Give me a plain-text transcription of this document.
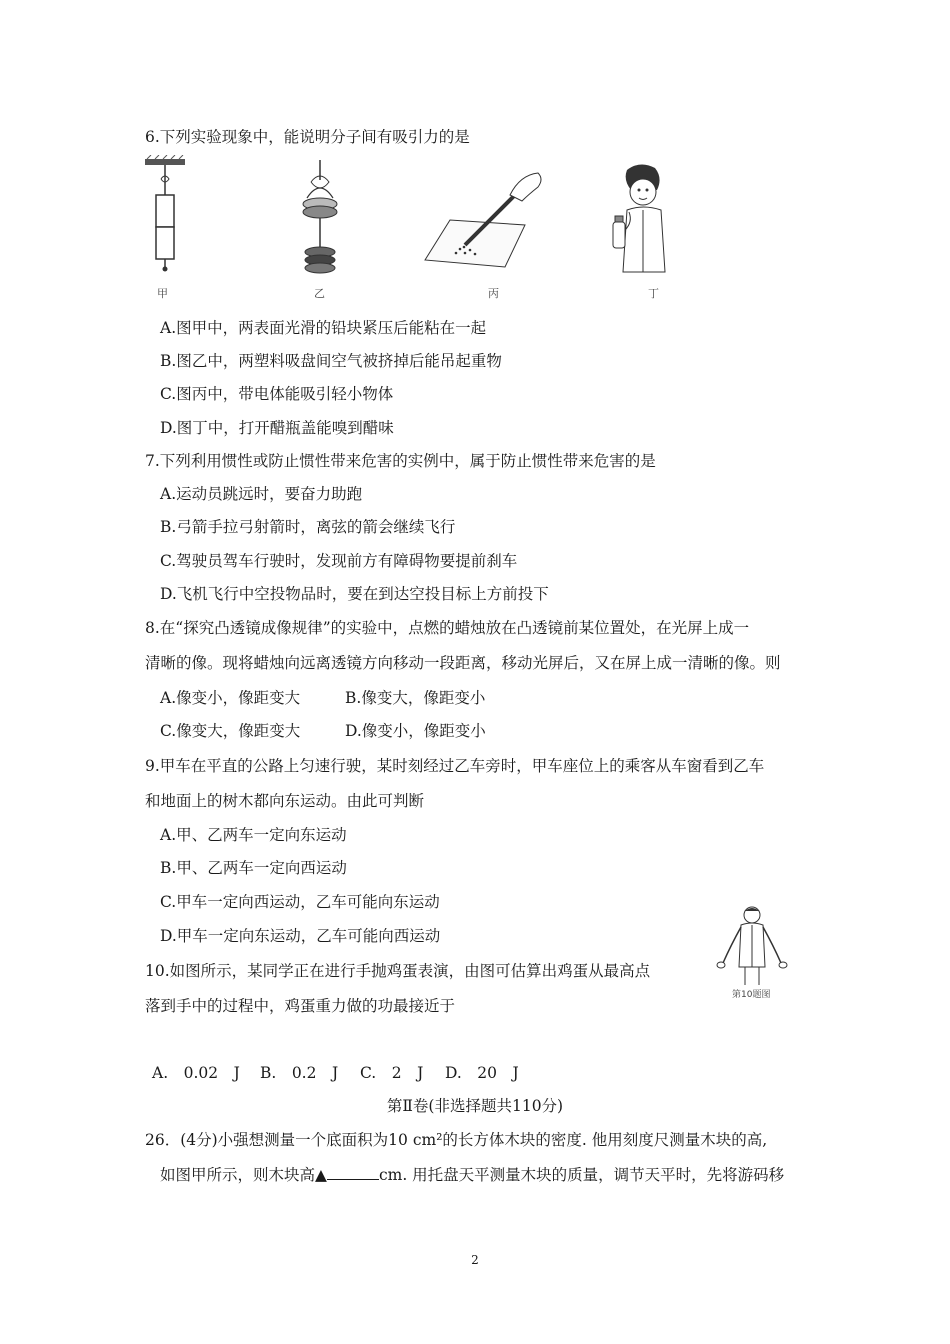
6.下列实验现象中，能说明分子间有吸引力的是
甲	乙	丙	丁
A.图甲中，两表面光滑的铅块紧压后能粘在一起
B.图乙中，两塑料吸盘间空气被挤掉后能吊起重物
C.图丙中，带电体能吸引轻小物体
D.图丁中，打开醋瓶盖能嗅到醋味
7.下列利用惯性或防止惯性带来危害的实例中，属于防止惯性带来危害的是
A.运动员跳远时，要奋力助跑
B.弓箭手拉弓射箭时，离弦的箭会继续飞行
C.驾驶员驾车行驶时，发现前方有障碍物要提前刹车
D.飞机飞行中空投物品时，要在到达空投目标上方前投下
8.在“探究凸透镜成像规律”的实验中，点燃的蜡烛放在凸透镜前某位置处，在光屏上成一
清晰的像。现将蜡烛向远离透镜方向移动一段距离，移动光屏后，又在屏上成一清晰的像。则
A.像变小，像距变大	B.像变大，像距变小
C.像变大，像距变大	D.像变小，像距变小
9.甲车在平直的公路上匀速行驶，某时刻经过乙车旁时，甲车座位上的乘客从车窗看到乙车
和地面上的树木都向东运动。由此可判断
A.甲、乙两车一定向东运动
B.甲、乙两车一定向西运动
C.甲车一定向西运动，乙车可能向东运动
D.甲车一定向东运动，乙车可能向西运动
第10题图
10.如图所示，某同学正在进行手抛鸡蛋表演，由图可估算出鸡蛋从最高点
落到手中的过程中，鸡蛋重力做的功最接近于
A.　0.02　J B.　0.2　J C.　2　J D.　20　J
第Ⅱ卷(非选择题共110分)
26．(4分)小强想测量一个底面积为10 cm²的长方体木块的密度. 他用刻度尺测量木块的高,
如图甲所示，则木块高▲	cm. 用托盘天平测量木块的质量，调节天平时，先将游码移
2
